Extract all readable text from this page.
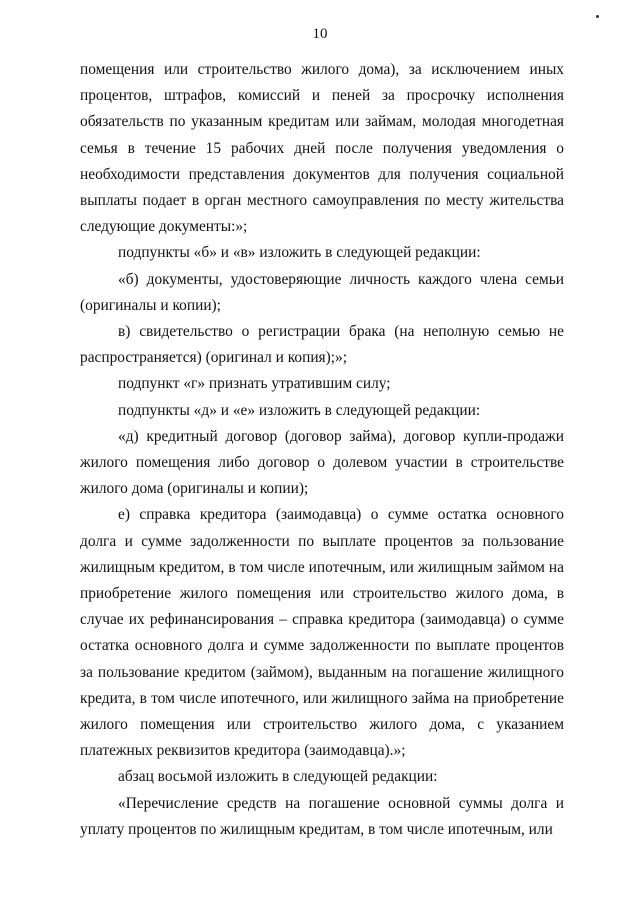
10

помещения или строительство жилого дома), за исключением иных процентов, штрафов, комиссий и пеней за просрочку исполнения обязательств по указанным кредитам или займам, молодая многодетная семья в течение 15 рабочих дней после получения уведомления о необходимости представления документов для получения социальной выплаты подает в орган местного самоуправления по месту жительства следующие документы:»;

подпункты «б» и «в» изложить в следующей редакции:

«б) документы, удостоверяющие личность каждого члена семьи (оригиналы и копии);

в) свидетельство о регистрации брака (на неполную семью не распространяется) (оригинал и копия);»;

подпункт «г» признать утратившим силу;

подпункты «д» и «е» изложить в следующей редакции:

«д) кредитный договор (договор займа), договор купли-продажи жилого помещения либо договор о долевом участии в строительстве жилого дома (оригиналы и копии);

е) справка кредитора (заимодавца) о сумме остатка основного долга и сумме задолженности по выплате процентов за пользование жилищным кредитом, в том числе ипотечным, или жилищным займом на приобретение жилого помещения или строительство жилого дома, в случае их рефинансирования – справка кредитора (заимодавца) о сумме остатка основного долга и сумме задолженности по выплате процентов за пользование кредитом (займом), выданным на погашение жилищного кредита, в том числе ипотечного, или жилищного займа на приобретение жилого помещения или строительство жилого дома, с указанием платежных реквизитов кредитора (заимодавца).»;

абзац восьмой изложить в следующей редакции:

«Перечисление средств на погашение основной суммы долга и уплату процентов по жилищным кредитам, в том числе ипотечным, или
